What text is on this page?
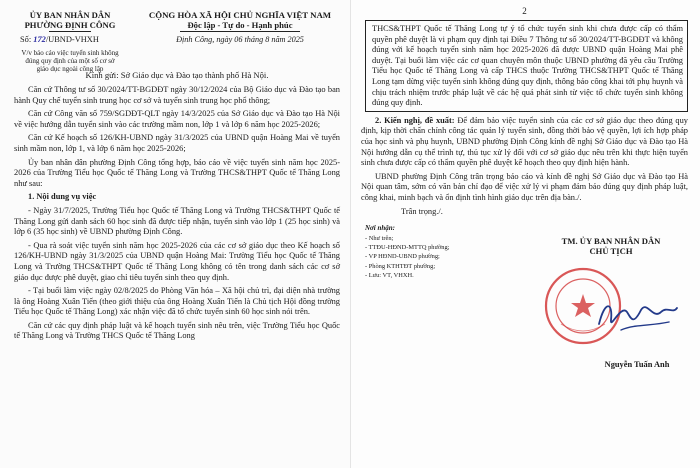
ỦY BAN NHÂN DÂN
PHƯỜNG ĐỊNH CÔNG
Số: 172/UBND-VHXH
V/v báo cáo việc tuyển sinh không
đúng quy định của một số cơ sở
giáo dục ngoài công lập
CỘNG HÒA XÃ HỘI CHỦ NGHĨA VIỆT NAM
Độc lập - Tự do - Hạnh phúc
Định Công, ngày 06 tháng 8 năm 2025
Kính gửi: Sở Giáo dục và Đào tạo thành phố Hà Nội.

Căn cứ Thông tư số 30/2024/TT-BGDĐT ngày 30/12/2024 của Bộ Giáo dục và Đào tạo ban hành Quy chế tuyển sinh trung học cơ sở và tuyển sinh trung học phổ thông;

Căn cứ Công văn số 759/SGDĐT-QLT ngày 14/3/2025 của Sở Giáo dục và Đào tạo Hà Nội về việc hướng dẫn tuyển sinh vào các trường mầm non, lớp 1 và lớp 6 năm học 2025-2026;

Căn cứ Kế hoạch số 126/KH-UBND ngày 31/3/2025 của UBND quận Hoàng Mai về tuyển sinh mầm non, lớp 1, và lớp 6 năm học 2025-2026;

Ủy ban nhân dân phường Định Công tổng hợp, báo cáo về việc tuyển sinh năm học 2025-2026 của Trường Tiểu học Quốc tế Thăng Long và Trường THCS&THPT Quốc tế Thăng Long như sau:

1. Nội dung vụ việc

- Ngày 31/7/2025, Trường Tiểu học Quốc tế Thăng Long và Trường THCS&THPT Quốc tế Thăng Long gửi danh sách 60 học sinh đã được tiếp nhận, tuyển sinh vào lớp 1 (25 học sinh) và lớp 6 (35 học sinh) về UBND phường Định Công.

- Qua rà soát việc tuyển sinh năm học 2025-2026 của các cơ sở giáo dục theo Kế hoạch số 126/KH-UBND ngày 31/3/2025 của UBND quận Hoàng Mai: Trường Tiểu học Quốc tế Thăng Long và Trường THCS&THPT Quốc tế Thăng Long không có tên trong danh sách các cơ sở giáo dục được phê duyệt, giao chỉ tiêu tuyển sinh theo quy định.

- Tại buổi làm việc ngày 02/8/2025 do Phòng Văn hóa – Xã hội chủ trì, đại diện nhà trường là ông Hoàng Xuân Tiến (theo giới thiệu của ông Hoàng Xuân Tiến là Chủ tịch Hội đồng trường Tiểu học Quốc tế Thăng Long) xác nhận việc đã tổ chức tuyển sinh 60 học sinh nói trên.

Căn cứ các quy định pháp luật và kế hoạch tuyển sinh nêu trên, việc Trường Tiểu học Quốc tế Thăng Long và Trường THCS Quốc tế Thăng Long

2

THCS&THPT Quốc tế Thăng Long tự ý tổ chức tuyển sinh khi chưa được cấp có thẩm quyền phê duyệt là vi phạm quy định tại Điều 7 Thông tư số 30/2024/TT-BGDĐT và không đúng với kế hoạch tuyển sinh năm học 2025-2026 đã được UBND quận Hoàng Mai phê duyệt. Tại buổi làm việc các cơ quan chuyên môn thuộc UBND phường đã yêu cầu Trường Tiểu học Quốc tế Thăng Long và cấp THCS thuộc Trường THCS&THPT Quốc tế Thăng Long tạm dừng việc tuyển sinh không đúng quy định, thông báo công khai tới phụ huynh và chịu trách nhiệm trước pháp luật về các hệ quả phát sinh từ việc tổ chức tuyển sinh không đúng quy định.

2. Kiến nghị, đề xuất: Để đảm bảo việc tuyển sinh của các cơ sở giáo dục theo đúng quy định, kịp thời chấn chỉnh công tác quản lý tuyển sinh, đồng thời bảo vệ quyền, lợi ích hợp pháp của học sinh và phụ huynh, UBND phường Định Công kính đề nghị Sở Giáo dục và Đào tạo Hà Nội hướng dẫn cụ thể trình tự, thủ tục xử lý đối với cơ sở giáo dục nêu trên khi thực hiện tuyển sinh chưa được cấp có thẩm quyền phê duyệt kế hoạch theo quy định hiện hành.

UBND phường Định Công trân trọng báo cáo và kính đề nghị Sở Giáo dục và Đào tạo Hà Nội quan tâm, sớm có văn bản chỉ đạo để việc xử lý vi phạm đảm bảo đúng quy định pháp luật, công khai, minh bạch và ổn định tình hình giáo dục trên địa bàn./.

Trân trọng./.

Nơi nhận:
- Như trên;
- TTĐU-HĐND-MTTQ phường;
- VP HĐND-UBND phường;
- Phòng KTHTĐT phường;
- Lưu: VT, VHXH.
TM. ỦY BAN NHÂN DÂN
CHỦ TỊCH
Nguyễn Tuấn Anh
